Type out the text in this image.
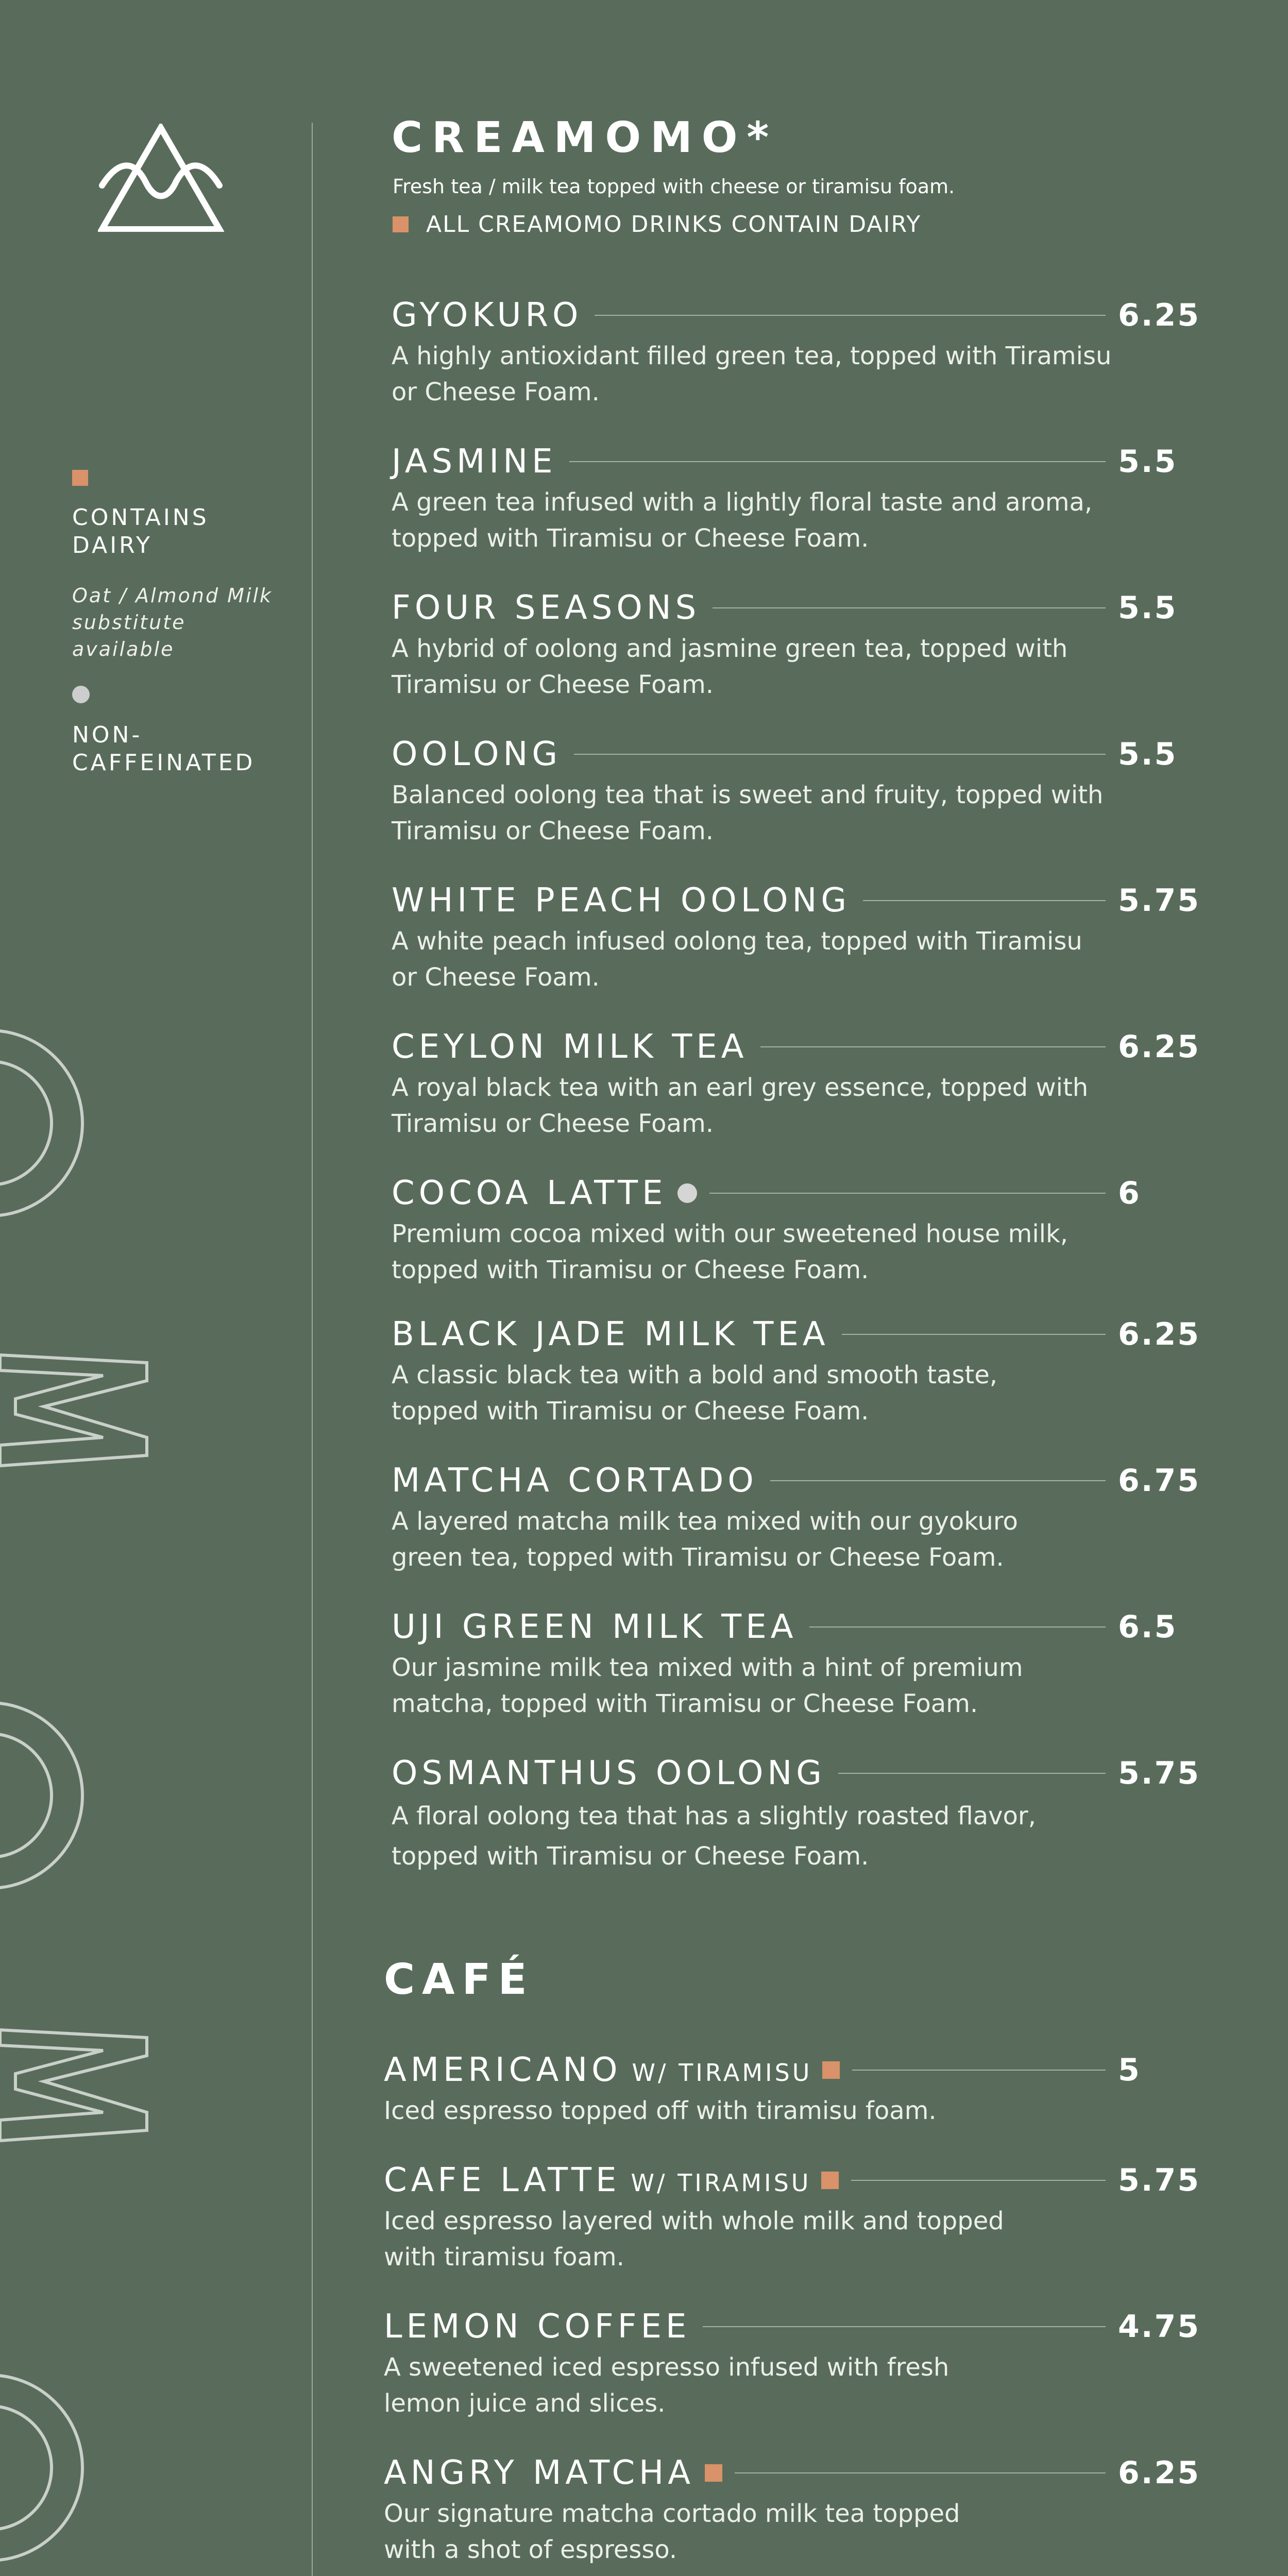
CONTAINS
DAIRY
Oat / Almond Milk
substitute available
NON-
CAFFEINATED
CREAMOMO*
Fresh tea / milk tea topped with cheese or tiramisu foam.
ALL CREAMOMO DRINKS CONTAIN DAIRY
GYOKURO	6.25
A highly antioxidant filled green tea, topped with Tiramisu
or Cheese Foam.
JASMINE	5.5
A green tea infused with a lightly floral taste and aroma,
topped with Tiramisu or Cheese Foam.
FOUR SEASONS	5.5
A hybrid of oolong and jasmine green tea, topped with
Tiramisu or Cheese Foam.
OOLONG	5.5
Balanced oolong tea that is sweet and fruity, topped with
Tiramisu or Cheese Foam.
WHITE PEACH OOLONG	5.75
A white peach infused oolong tea, topped with Tiramisu
or Cheese Foam.
CEYLON MILK TEA	6.25
A royal black tea with an earl grey essence, topped with
Tiramisu or Cheese Foam.
COCOA LATTE	6
Premium cocoa mixed with our sweetened house milk,
topped with Tiramisu or Cheese Foam.
BLACK JADE MILK TEA	6.25
A classic black tea with a bold and smooth taste,
topped with Tiramisu or Cheese Foam.
MATCHA CORTADO	6.75
A layered matcha milk tea mixed with our gyokuro
green tea, topped with Tiramisu or Cheese Foam.
UJI GREEN MILK TEA	6.5
Our jasmine milk tea mixed with a hint of premium
matcha, topped with Tiramisu or Cheese Foam.
OSMANTHUS OOLONG	5.75
A floral oolong tea that has a slightly roasted flavor,
topped with Tiramisu or Cheese Foam.
CAFÉ
AMERICANO W/ TIRAMISU	5
Iced espresso topped off with tiramisu foam.
CAFE LATTE W/ TIRAMISU	5.75
Iced espresso layered with whole milk and topped
with tiramisu foam.
LEMON COFFEE	4.75
A sweetened iced espresso infused with fresh
lemon juice and slices.
ANGRY MATCHA	6.25
Our signature matcha cortado milk tea topped
with a shot of espresso.
